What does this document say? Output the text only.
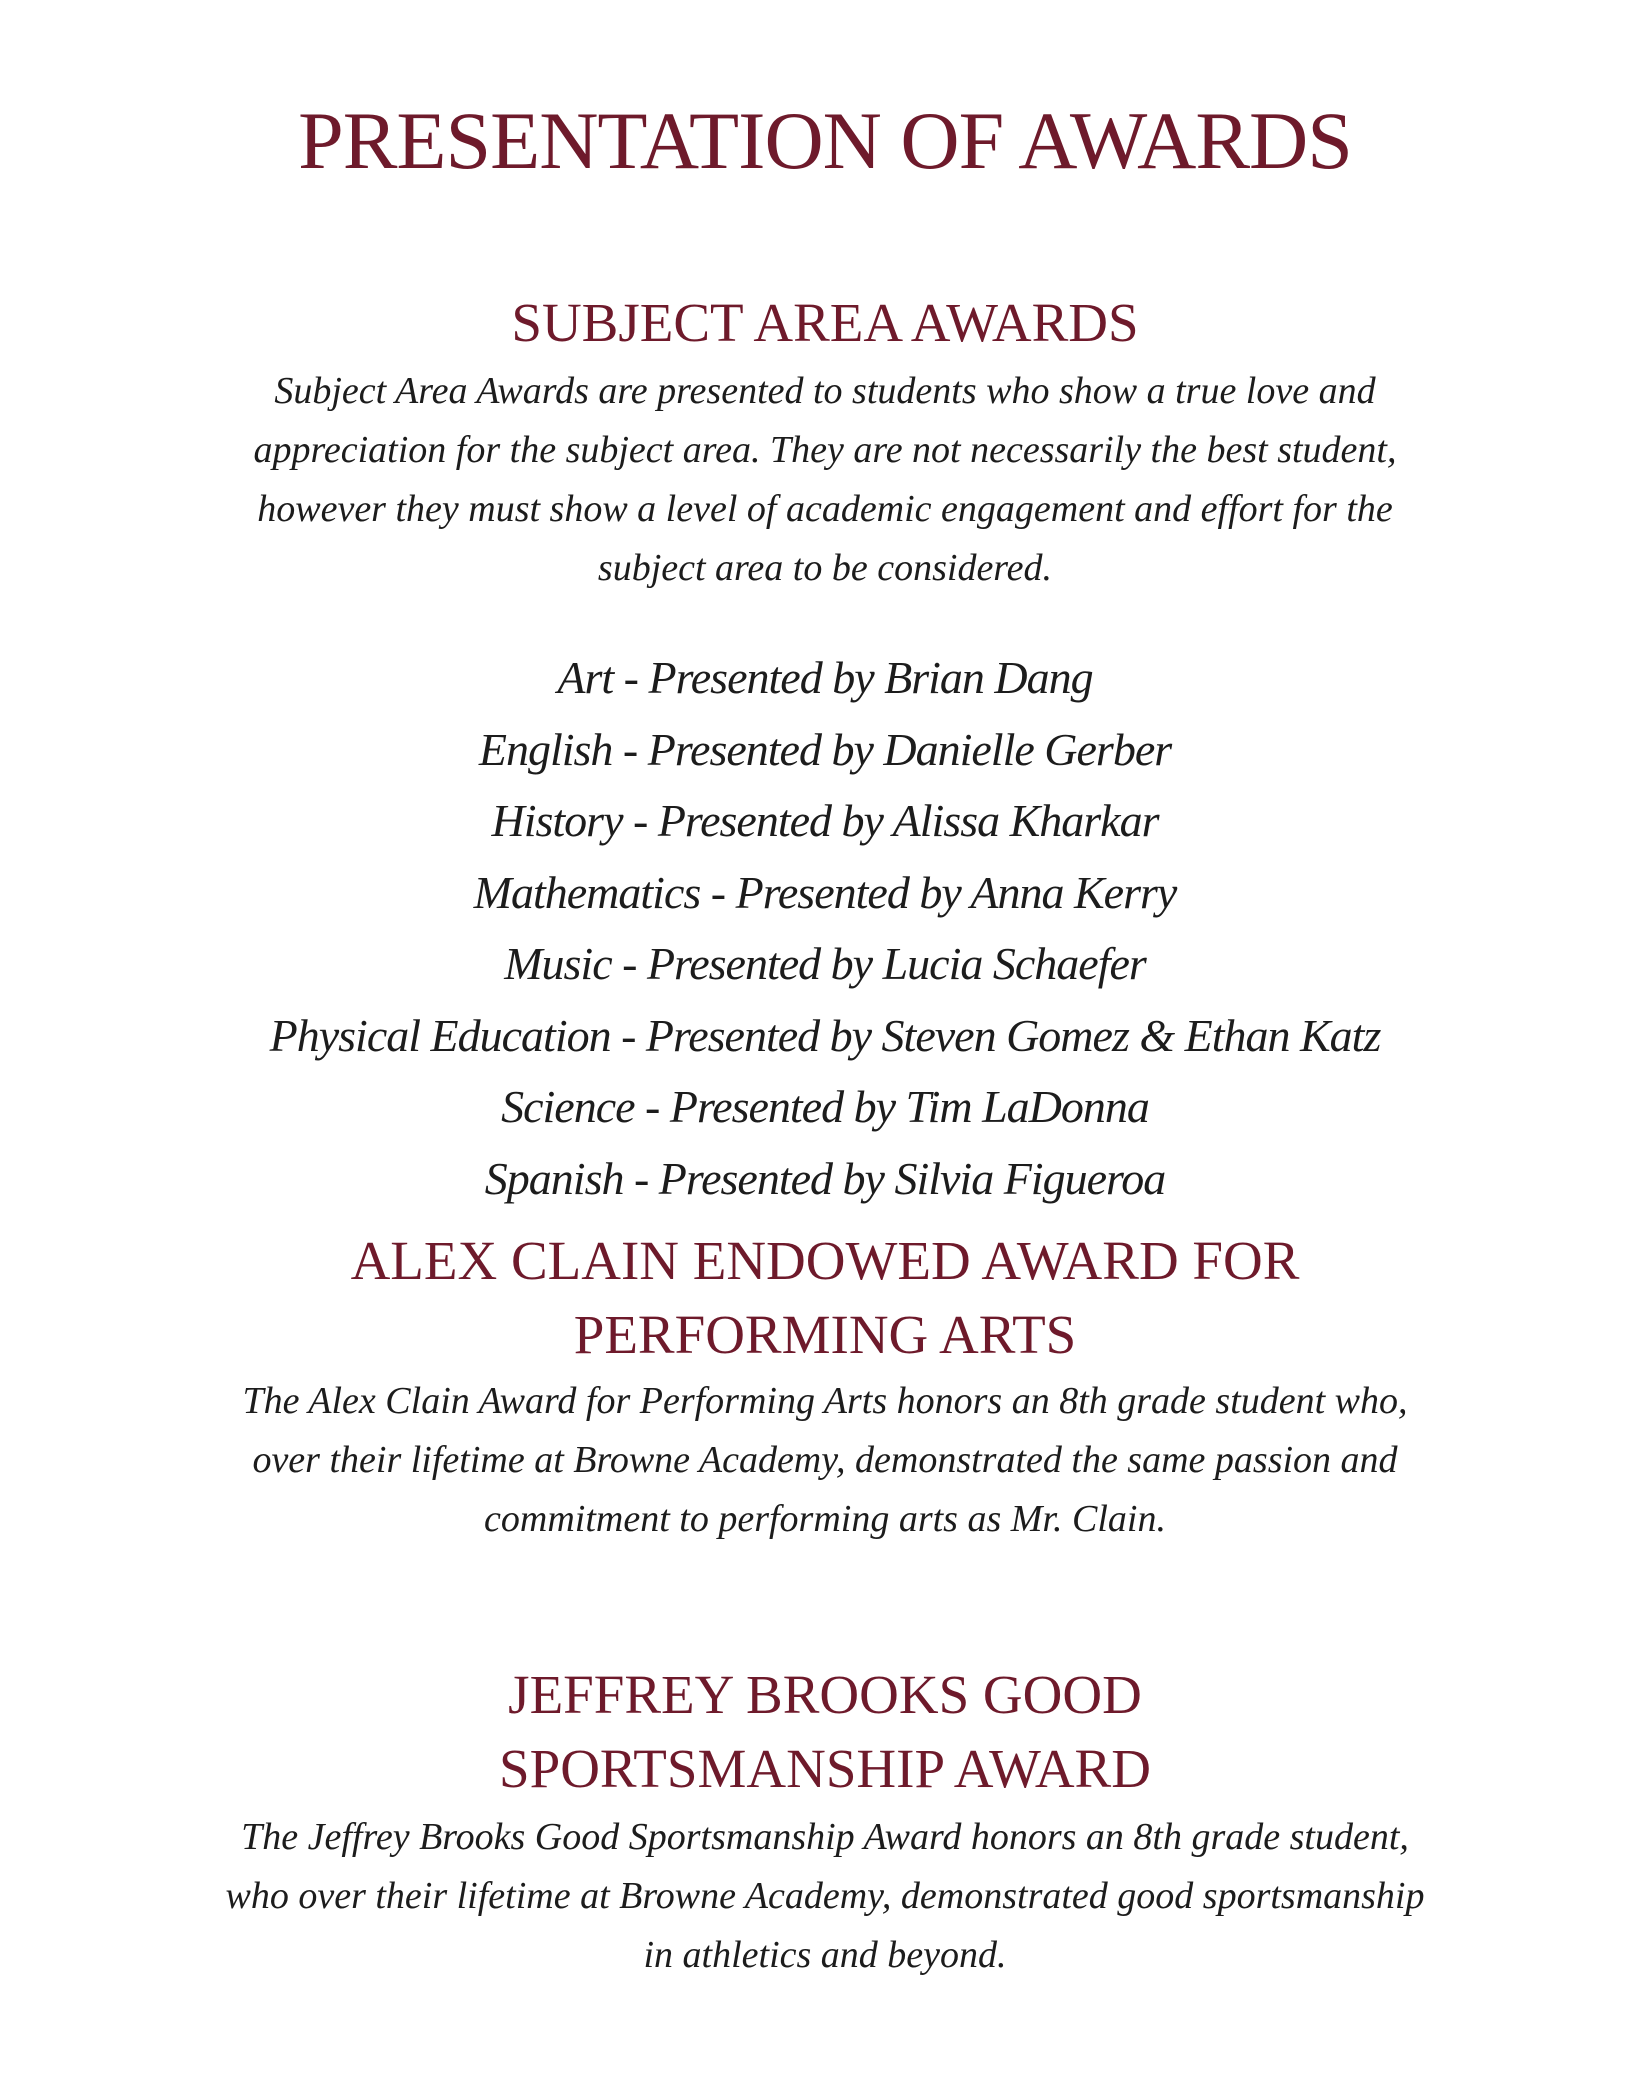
PRESENTATION OF AWARDS
SUBJECT AREA AWARDS

Subject Area Awards are presented to students who show a true love and appreciation for the subject area. They are not necessarily the best student, however they must show a level of academic engagement and effort for the subject area to be considered.

Art - Presented by Brian Dang
English - Presented by Danielle Gerber
History - Presented by Alissa Kharkar
Mathematics - Presented by Anna Kerry
Music - Presented by Lucia Schaefer
Physical Education - Presented by Steven Gomez & Ethan Katz
Science - Presented by Tim LaDonna
Spanish - Presented by Silvia Figueroa
ALEX CLAIN ENDOWED AWARD FOR
PERFORMING ARTS

The Alex Clain Award for Performing Arts honors an 8th grade student who, over their lifetime at Browne Academy, demonstrated the same passion and commitment to performing arts as Mr. Clain.

JEFFREY BROOKS GOOD
SPORTSMANSHIP AWARD

The Jeffrey Brooks Good Sportsmanship Award honors an 8th grade student, who over their lifetime at Browne Academy, demonstrated good sportsmanship in athletics and beyond.
